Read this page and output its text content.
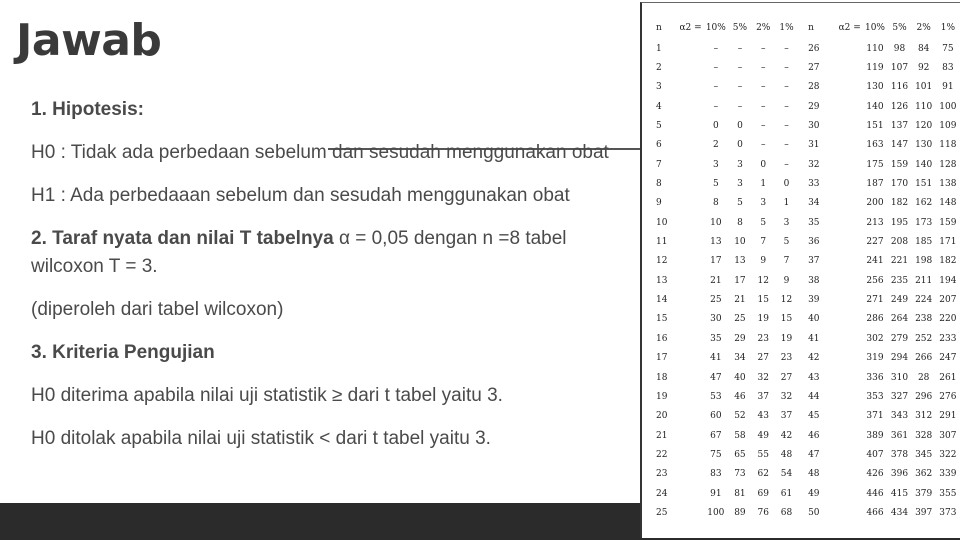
Jawab

1. Hipotesis:

H0 : Tidak ada perbedaan sebelum dan sesudah menggunakan obat

H1 : Ada perbedaaan sebelum dan sesudah menggunakan obat

2. Taraf nyata dan nilai T tabelnya α = 0,05 dengan n =8 tabel wilcoxon T = 3.

(diperoleh dari tabel wilcoxon)

3. Kriteria Pengujian

H0 diterima apabila nilai uji statistik ≥ dari t tabel yaitu 3.

H0 ditolak apabila nilai uji statistik < dari t tabel yaitu 3.

n	α2 =	10%	5%	2%	1%		n	α2 =	10%	5%	2%	1%
1		–	–	–	–		26		110	98	84	75
2		–	–	–	–		27		119	107	92	83
3		–	–	–	–		28		130	116	101	91
4		–	–	–	–		29		140	126	110	100
5		0	0	–	–		30		151	137	120	109
6		2	0	–	–		31		163	147	130	118
7		3	3	0	–		32		175	159	140	128
8		5	3	1	0		33		187	170	151	138
9		8	5	3	1		34		200	182	162	148
10		10	8	5	3		35		213	195	173	159
11		13	10	7	5		36		227	208	185	171
12		17	13	9	7		37		241	221	198	182
13		21	17	12	9		38		256	235	211	194
14		25	21	15	12		39		271	249	224	207
15		30	25	19	15		40		286	264	238	220
16		35	29	23	19		41		302	279	252	233
17		41	34	27	23		42		319	294	266	247
18		47	40	32	27		43		336	310	28	261
19		53	46	37	32		44		353	327	296	276
20		60	52	43	37		45		371	343	312	291
21		67	58	49	42		46		389	361	328	307
22		75	65	55	48		47		407	378	345	322
23		83	73	62	54		48		426	396	362	339
24		91	81	69	61		49		446	415	379	355
25		100	89	76	68		50		466	434	397	373
